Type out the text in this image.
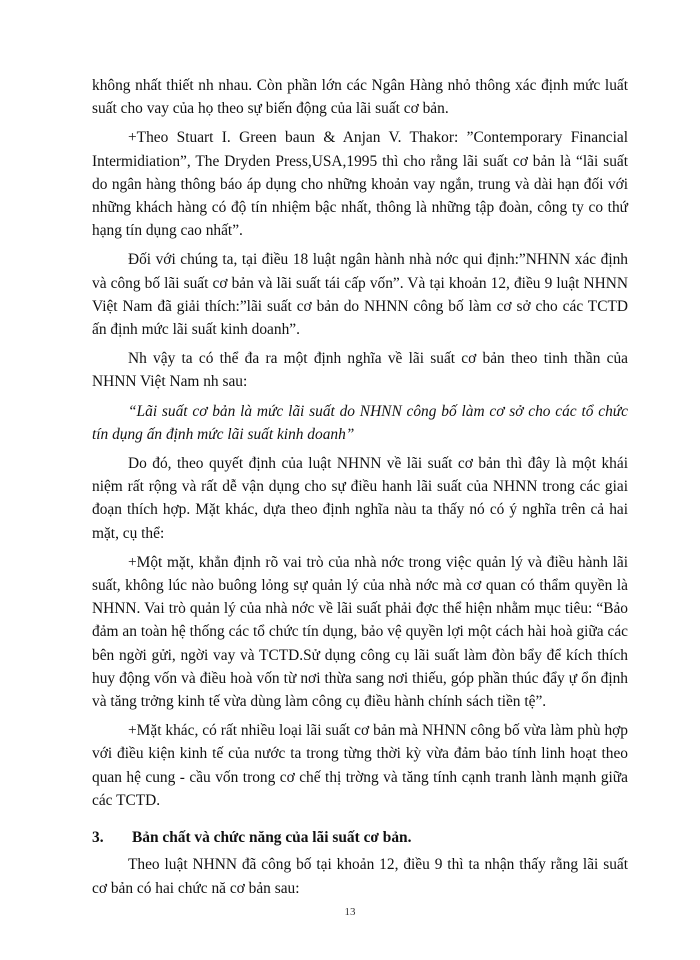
không nhất thiết nh nhau. Còn phần lớn các Ngân Hàng nhỏ thông xác định mức luất suất cho vay của họ theo sự biến động của lãi suất cơ bản.

+Theo Stuart I. Green baun & Anjan V. Thakor: ”Contemporary Financial Intermidiation”, The Dryden Press,USA,1995 thì cho rằng lãi suất cơ bản là “lãi suất do ngân hàng thông báo áp dụng cho những khoản vay ngắn, trung và dài hạn đối với những khách hàng có độ tín nhiệm bậc nhất, thông là những tập đoàn, công ty co thứ hạng tín dụng cao nhất”.

Đối với chúng ta, tại điều 18 luật ngân hành nhà nớc qui định:”NHNN xác định và công bố lãi suất cơ bản và lãi suất tái cấp vốn”. Và tại khoản 12, điều 9 luật NHNN Việt Nam đã giải thích:”lãi suất cơ bản do NHNN công bố làm cơ sở cho các TCTD ấn định mức lãi suất kinh doanh”.

Nh vậy ta có thể đa ra một định nghĩa về lãi suất cơ bản theo tinh thần của NHNN Việt Nam nh sau:

“Lãi suất cơ bản là mức lãi suất do NHNN công bố làm cơ sở cho các tổ chức tín dụng ấn định mức lãi suất kinh doanh”

Do đó, theo quyết định của luật NHNN về lãi suất cơ bản thì đây là một khái niệm rất rộng và rất dễ vận dụng cho sự điều hanh lãi suất của NHNN trong các giai đoạn thích hợp. Mặt khác, dựa theo định nghĩa nàu ta thấy nó có ý nghĩa trên cả hai mặt, cụ thể:

+Một mặt, khẳn định rõ vai trò của nhà nớc trong việc quản lý và điều hành lãi suất, không lúc nào buông lỏng sự quản lý của nhà nớc mà cơ quan có thẩm quyền là NHNN. Vai trò quản lý của nhà nớc về lãi suất phải đợc thể hiện nhằm mục tiêu: “Bảo đảm an toàn hệ thống các tổ chức tín dụng, bảo vệ quyền lợi một cách hài hoà giữa các bên ngời gửi, ngời vay và TCTD.Sử dụng công cụ lãi suất làm đòn bẩy để kích thích huy động vốn và điều hoà vốn từ nơi thừa sang nơi thiếu, góp phần thúc đẩy ự ổn định và tăng trởng kinh tế vừa dùng làm công cụ điều hành chính sách tiền tệ”.

+Mặt khác, có rất nhiều loại lãi suất cơ bản mà NHNN công bố vừa làm phù hợp với điều kiện kinh tế của nước ta trong từng thời kỳ vừa đảm bảo tính linh hoạt theo quan hệ cung - cầu vốn trong cơ chế thị trờng và tăng tính cạnh tranh lành mạnh giữa các TCTD.

3. Bản chất và chức năng của lãi suất cơ bản.

Theo luật NHNN đã công bố tại khoản 12, điều 9 thì ta nhận thấy rằng lãi suất cơ bản có hai chức nă cơ bản sau:

13
